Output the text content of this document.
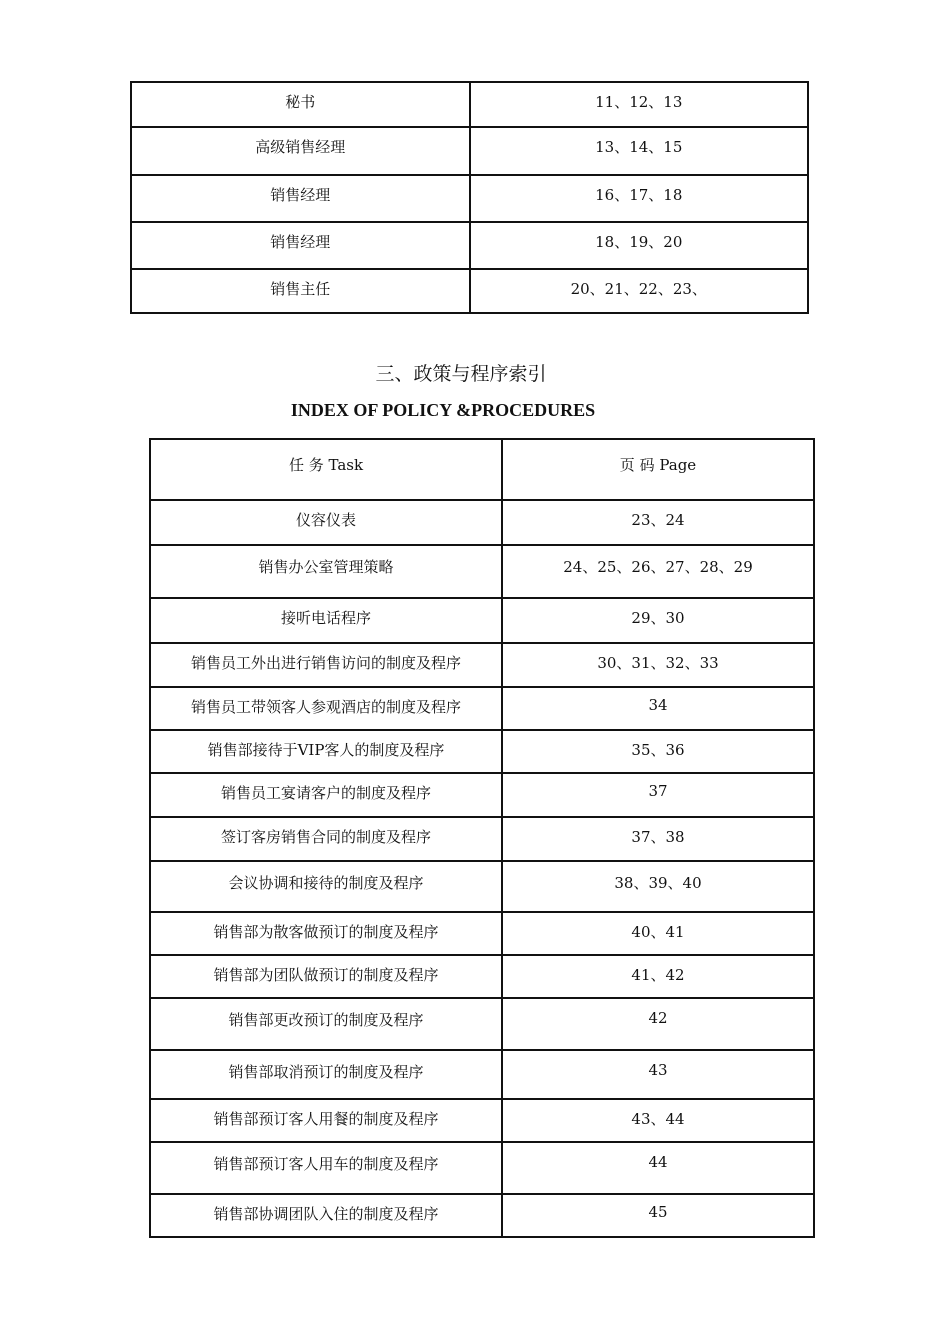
秘书	11、12、13
高级销售经理	13、14、15
销售经理	16、17、18
销售经理	18、19、20
销售主任	20、21、22、23、
三、政策与程序索引
INDEX OF POLICY &PROCEDURES
任 务 Task	页 码 Page
仪容仪表	23、24
销售办公室管理策略	24、25、26、27、28、29
接听电话程序	29、30
销售员工外出进行销售访问的制度及程序	30、31、32、33
销售员工带领客人参观酒店的制度及程序	34
销售部接待于VIP客人的制度及程序	35、36
销售员工宴请客户的制度及程序	37
签订客房销售合同的制度及程序	37、38
会议协调和接待的制度及程序	38、39、40
销售部为散客做预订的制度及程序	40、41
销售部为团队做预订的制度及程序	41、42
销售部更改预订的制度及程序	42
销售部取消预订的制度及程序	43
销售部预订客人用餐的制度及程序	43、44
销售部预订客人用车的制度及程序	44
销售部协调团队入住的制度及程序	45
